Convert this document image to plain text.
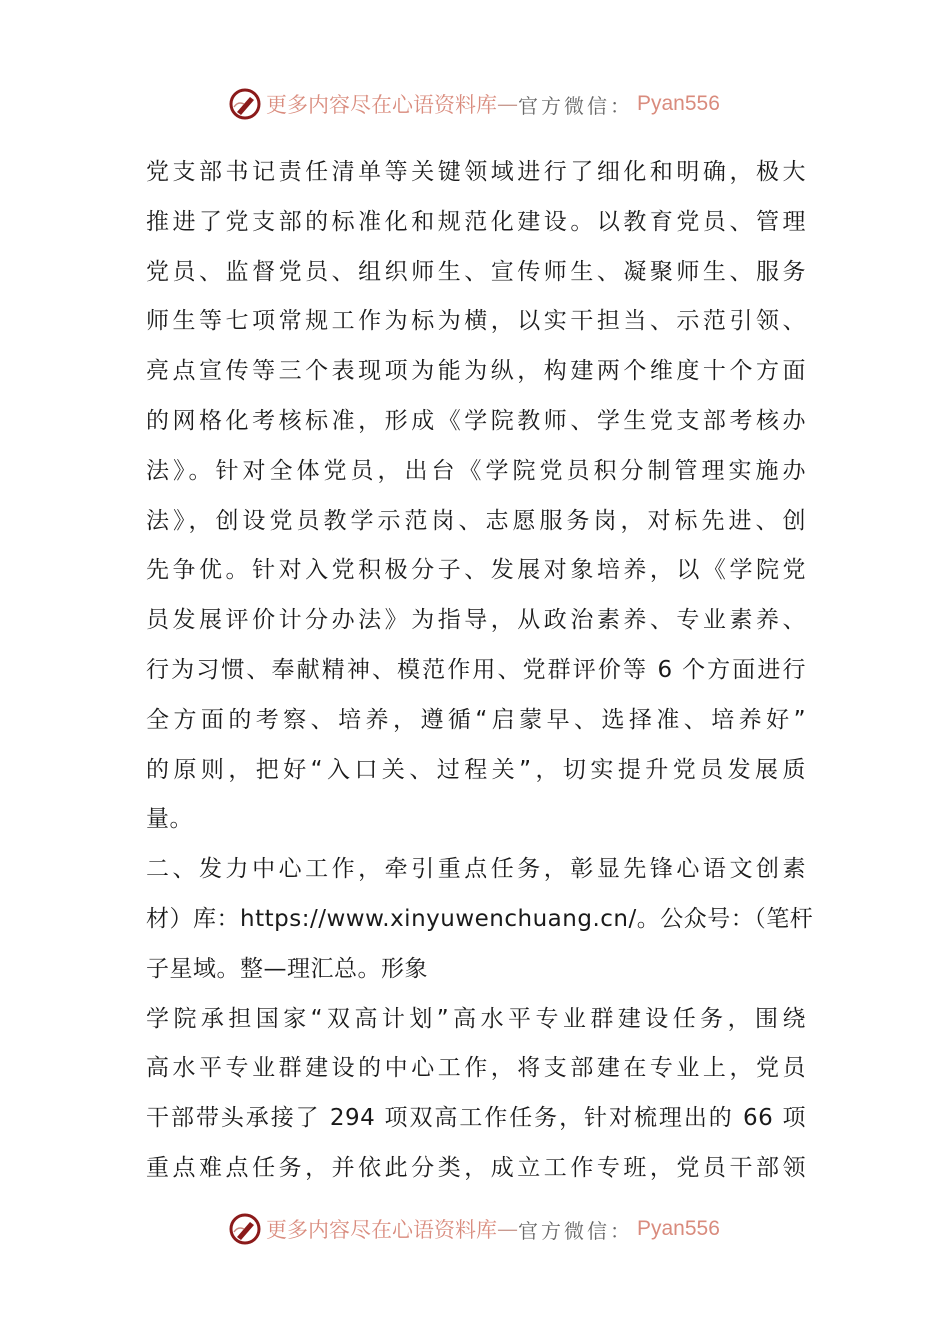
更多内容尽在心语资料库 — 官方微信： Pyan556
党支部书记责任清单等关键领域进行了细化和明确，极大
推进了党支部的标准化和规范化建设。以教育党员、管理
党员、监督党员、组织师生、宣传师生、凝聚师生、服务
师生等七项常规工作为标为横，以实干担当、示范引领、
亮点宣传等三个表现项为能为纵，构建两个维度十个方面
的网格化考核标准，形成《学院教师、学生党支部考核办
法》。针对全体党员，出台《学院党员积分制管理实施办
法》，创设党员教学示范岗、志愿服务岗，对标先进、创
先争优。针对入党积极分子、发展对象培养，以《学院党
员发展评价计分办法》为指导，从政治素养、专业素养、
行为习惯、奉献精神、模范作用、党群评价等 6 个方面进行
全方面的考察、培养，遵循“启蒙早、选择准、培养好”
的原则，把好“入口关、过程关”，切实提升党员发展质
量。
二、发力中心工作，牵引重点任务，彰显先锋心语文创素
材）库：https://www.xinyuwenchuang.cn/。公众号：（笔杆
子星域。整—理汇总。形象
学院承担国家“双高计划”高水平专业群建设任务，围绕
高水平专业群建设的中心工作，将支部建在专业上，党员
干部带头承接了 294 项双高工作任务，针对梳理出的 66 项
重点难点任务，并依此分类，成立工作专班，党员干部领
更多内容尽在心语资料库 — 官方微信： Pyan556
